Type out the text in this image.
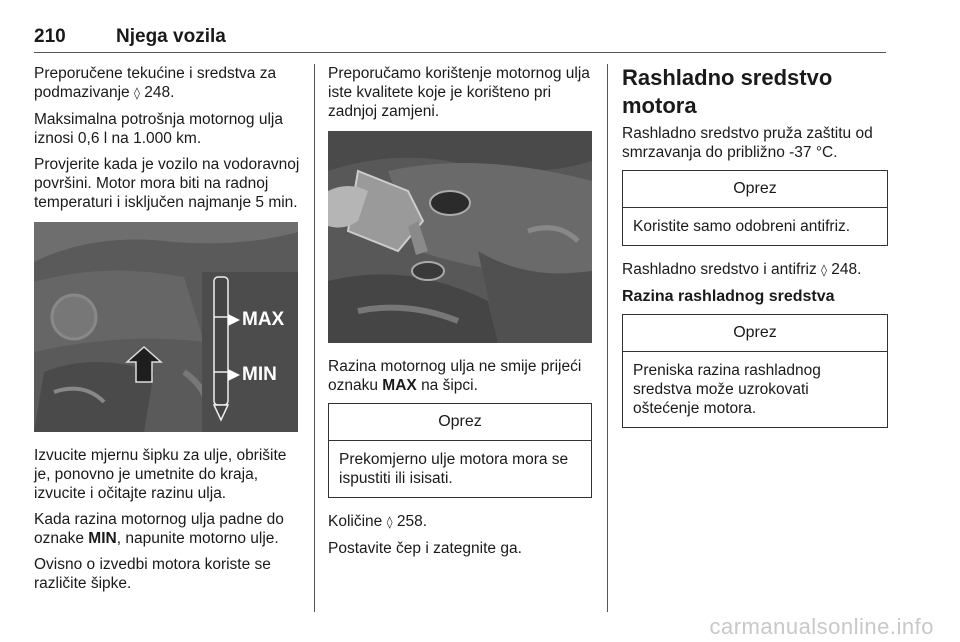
210	Njega vozila

Preporučene tekućine i sredstva za podmazivanje ◊ 248.

Maksimalna potrošnja motornog ulja iznosi 0,6 l na 1.000 km.

Provjerite kada je vozilo na vodoravnoj površini. Motor mora biti na radnoj temperaturi i isključen najmanje 5 min.

MAX
MIN

Izvucite mjernu šipku za ulje, obrišite je, ponovno je umetnite do kraja, izvucite i očitajte razinu ulja.

Kada razina motornog ulja padne do oznake MIN, napunite motorno ulje.

Ovisno o izvedbi motora koriste se različite šipke.

Preporučamo korištenje motornog ulja iste kvalitete koje je korišteno pri zadnjoj zamjeni.

Razina motornog ulja ne smije prijeći oznaku MAX na šipci.

Oprez
Prekomjerno ulje motora mora se ispustiti ili isisati.

Količine ◊ 258.

Postavite čep i zategnite ga.

Rashladno sredstvo motora

Rashladno sredstvo pruža zaštitu od smrzavanja do približno -37 °C.

Oprez
Koristite samo odobreni antifriz.

Rashladno sredstvo i antifriz ◊ 248.

Razina rashladnog sredstva
Oprez
Preniska razina rashladnog sredstva može uzrokovati oštećenje motora.
carmanualsonline.info
